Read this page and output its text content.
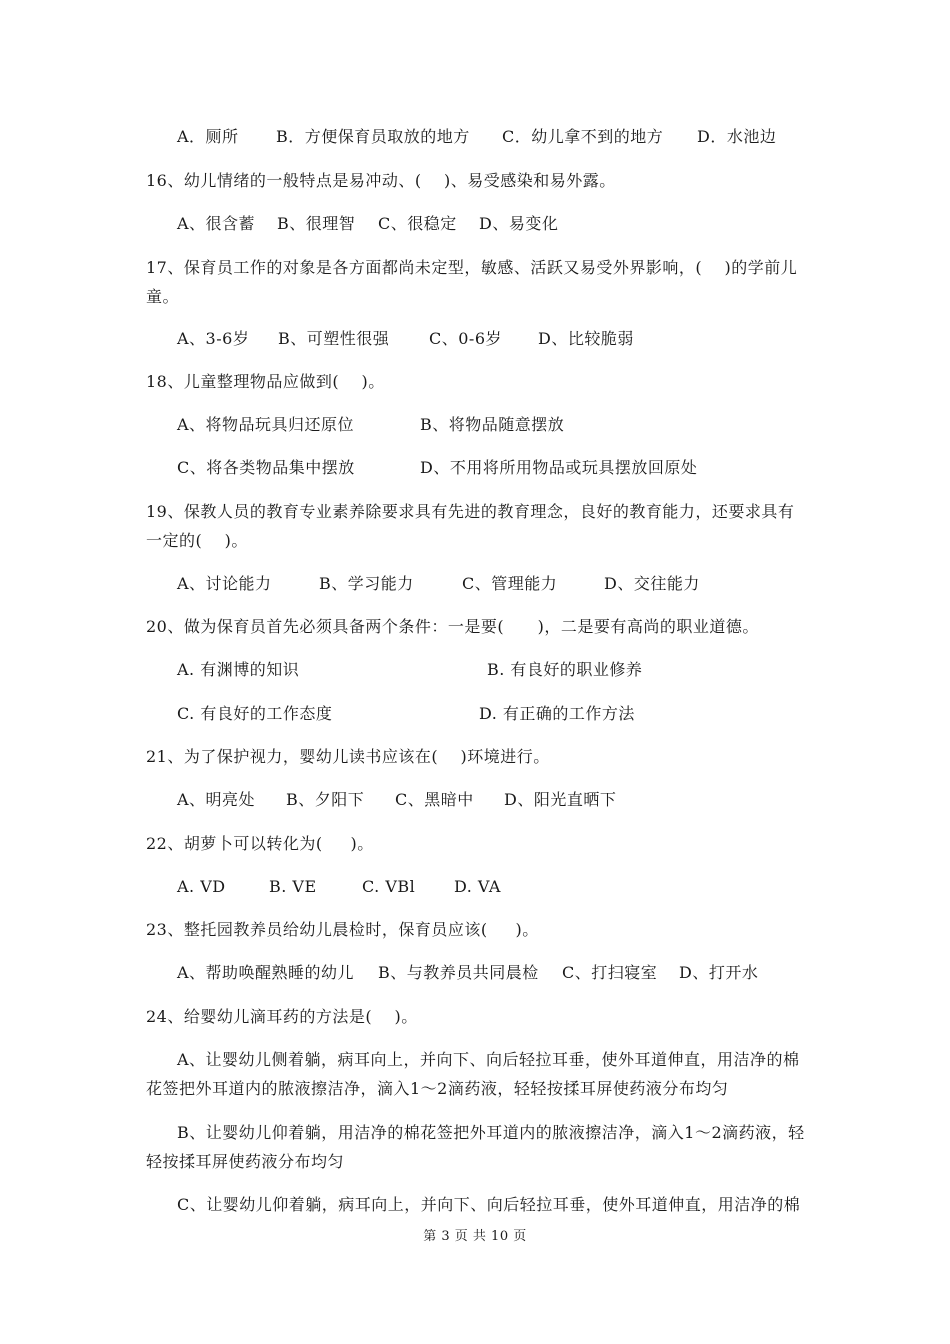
A．厕所 B．方便保育员取放的地方 C．幼儿拿不到的地方 D．水池边
16、幼儿情绪的一般特点是易冲动、(    )、易受感染和易外露。
A、很含蓄 B、很理智 C、很稳定 D、易变化
17、保育员工作的对象是各方面都尚未定型，敏感、活跃又易受外界影响，(    )的学前儿
童。
A、3-6岁 B、可塑性很强 C、0-6岁 D、比较脆弱
18、儿童整理物品应做到(    )。
A、将物品玩具归还原位	B、将物品随意摆放
C、将各类物品集中摆放	D、不用将所用物品或玩具摆放回原处
19、保教人员的教育专业素养除要求具有先进的教育理念，良好的教育能力，还要求具有
一定的(    )。
A、讨论能力	B、学习能力	C、管理能力	D、交往能力
20、做为保育员首先必须具备两个条件：一是要(      )，二是要有高尚的职业道德。
A. 有渊博的知识	B. 有良好的职业修养
C. 有良好的工作态度	D. 有正确的工作方法
21、为了保护视力，婴幼儿读书应该在(    )环境进行。
A、明亮处 B、夕阳下 C、黑暗中 D、阳光直晒下
22、胡萝卜可以转化为(     )。
A. VD	B. VE	C. VBl D. VA
23、整托园教养员给幼儿晨检时，保育员应该(     )。
A、帮助唤醒熟睡的幼儿 B、与教养员共同晨检 C、打扫寝室 D、打开水
24、给婴幼儿滴耳药的方法是(    )。
A、让婴幼儿侧着躺，病耳向上，并向下、向后轻拉耳垂，使外耳道伸直，用洁净的棉
花签把外耳道内的脓液擦洁净，滴入1～2滴药液，轻轻按揉耳屏使药液分布均匀
B、让婴幼儿仰着躺，用洁净的棉花签把外耳道内的脓液擦洁净，滴入1～2滴药液，轻
轻按揉耳屏使药液分布均匀
C、让婴幼儿仰着躺，病耳向上，并向下、向后轻拉耳垂，使外耳道伸直，用洁净的棉
第 3 页 共 10 页
